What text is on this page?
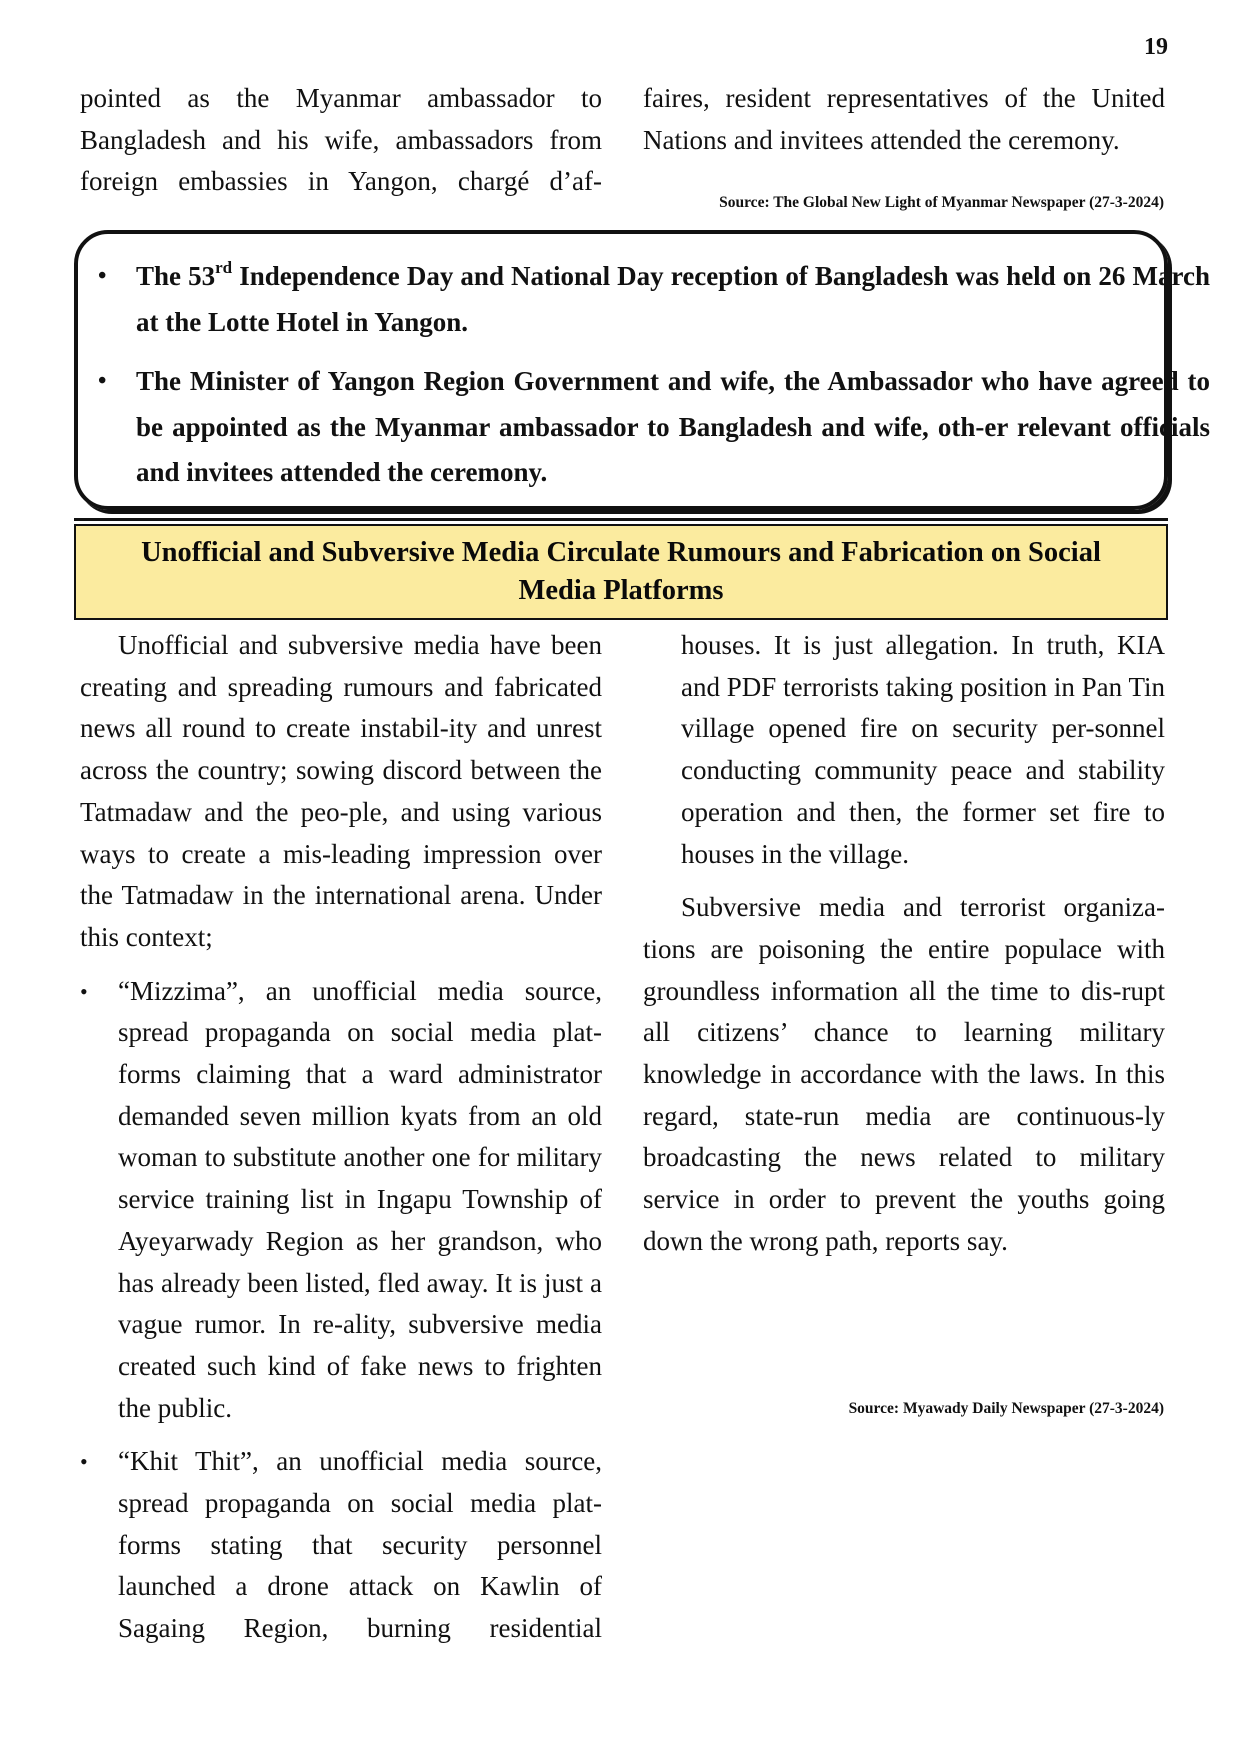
19

pointed as the Myanmar ambassador to Bangladesh and his wife, ambassadors from foreign embassies in Yangon, chargé d’af-

faires, resident representatives of the United Nations and invitees attended the ceremony.

Source: The Global New Light of Myanmar Newspaper (27-3-2024)
• The 53rd Independence Day and National Day reception of Bangladesh was held on 26 March at the Lotte Hotel in Yangon.
• The Minister of Yangon Region Government and wife, the Ambassador who have agreed to be appointed as the Myanmar ambassador to Bangladesh and wife, oth-er relevant officials and invitees attended the ceremony.
Unofficial and Subversive Media Circulate Rumours and Fabrication on Social
Media Platforms

Unofficial and subversive media have been creating and spreading rumours and fabricated news all round to create instabil-ity and unrest across the country; sowing discord between the Tatmadaw and the peo-ple, and using various ways to create a mis-leading impression over the Tatmadaw in the international arena. Under this context;

• “Mizzima”, an unofficial media source, spread propaganda on social media plat-forms claiming that a ward administrator demanded seven million kyats from an old woman to substitute another one for military service training list in Ingapu Township of Ayeyarwady Region as her grandson, who has already been listed, fled away. It is just a vague rumor. In re-ality, subversive media created such kind of fake news to frighten the public.
• “Khit Thit”, an unofficial media source, spread propaganda on social media plat-forms stating that security personnel launched a drone attack on Kawlin of Sagaing Region, burning residential

houses. It is just allegation. In truth, KIA and PDF terrorists taking position in Pan Tin village opened fire on security per-sonnel conducting community peace and stability operation and then, the former set fire to houses in the village.

Subversive media and terrorist organiza-tions are poisoning the entire populace with groundless information all the time to dis-rupt all citizens’ chance to learning military knowledge in accordance with the laws. In this regard, state-run media are continuous-ly broadcasting the news related to military service in order to prevent the youths going down the wrong path, reports say.

Source: Myawady Daily Newspaper (27-3-2024)
